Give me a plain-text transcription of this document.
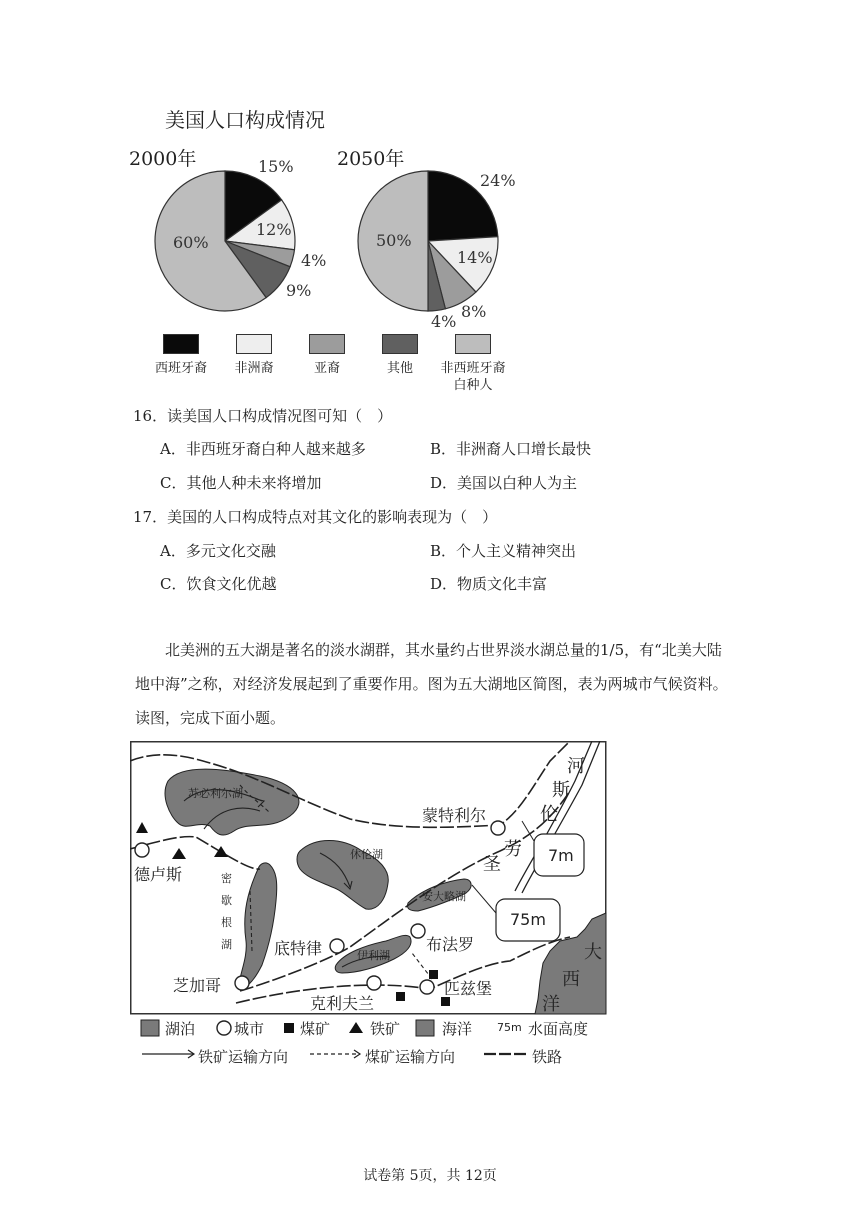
美国人口构成情况
2000年	2050年
15%
12%
4%
9%
60%
24%
14%
8%
4%
50%
西班牙裔	非洲裔	亚裔	其他	非西班牙裔白种人
16．读美国人口构成情况图可知（　）
A．非西班牙裔白种人越来越多	B．非洲裔人口增长最快
C．其他人种未来将增加	D．美国以白种人为主
17．美国的人口构成特点对其文化的影响表现为（　）
A．多元文化交融	B．个人主义精神突出
C．饮食文化优越	D．物质文化丰富
北美洲的五大湖是著名的淡水湖群，其水量约占世界淡水湖总量的1/5，有“北美大陆地中海”之称，对经济发展起到了重要作用。图为五大湖地区简图，表为两城市气候资料。读图，完成下面小题。
苏必利尔湖
休伦湖
密
歇
根
湖
伊利湖
安大略湖
河
斯
伦
劳
圣
大
西
洋
蒙特利尔
德卢斯
底特律	布法罗
芝加哥
克利夫兰
匹兹堡
7m
75m
湖泊	城市 煤矿	铁矿	海洋 75m 水面高度
铁矿运输方向	煤矿运输方向	铁路
试卷第 5页，共 12页
